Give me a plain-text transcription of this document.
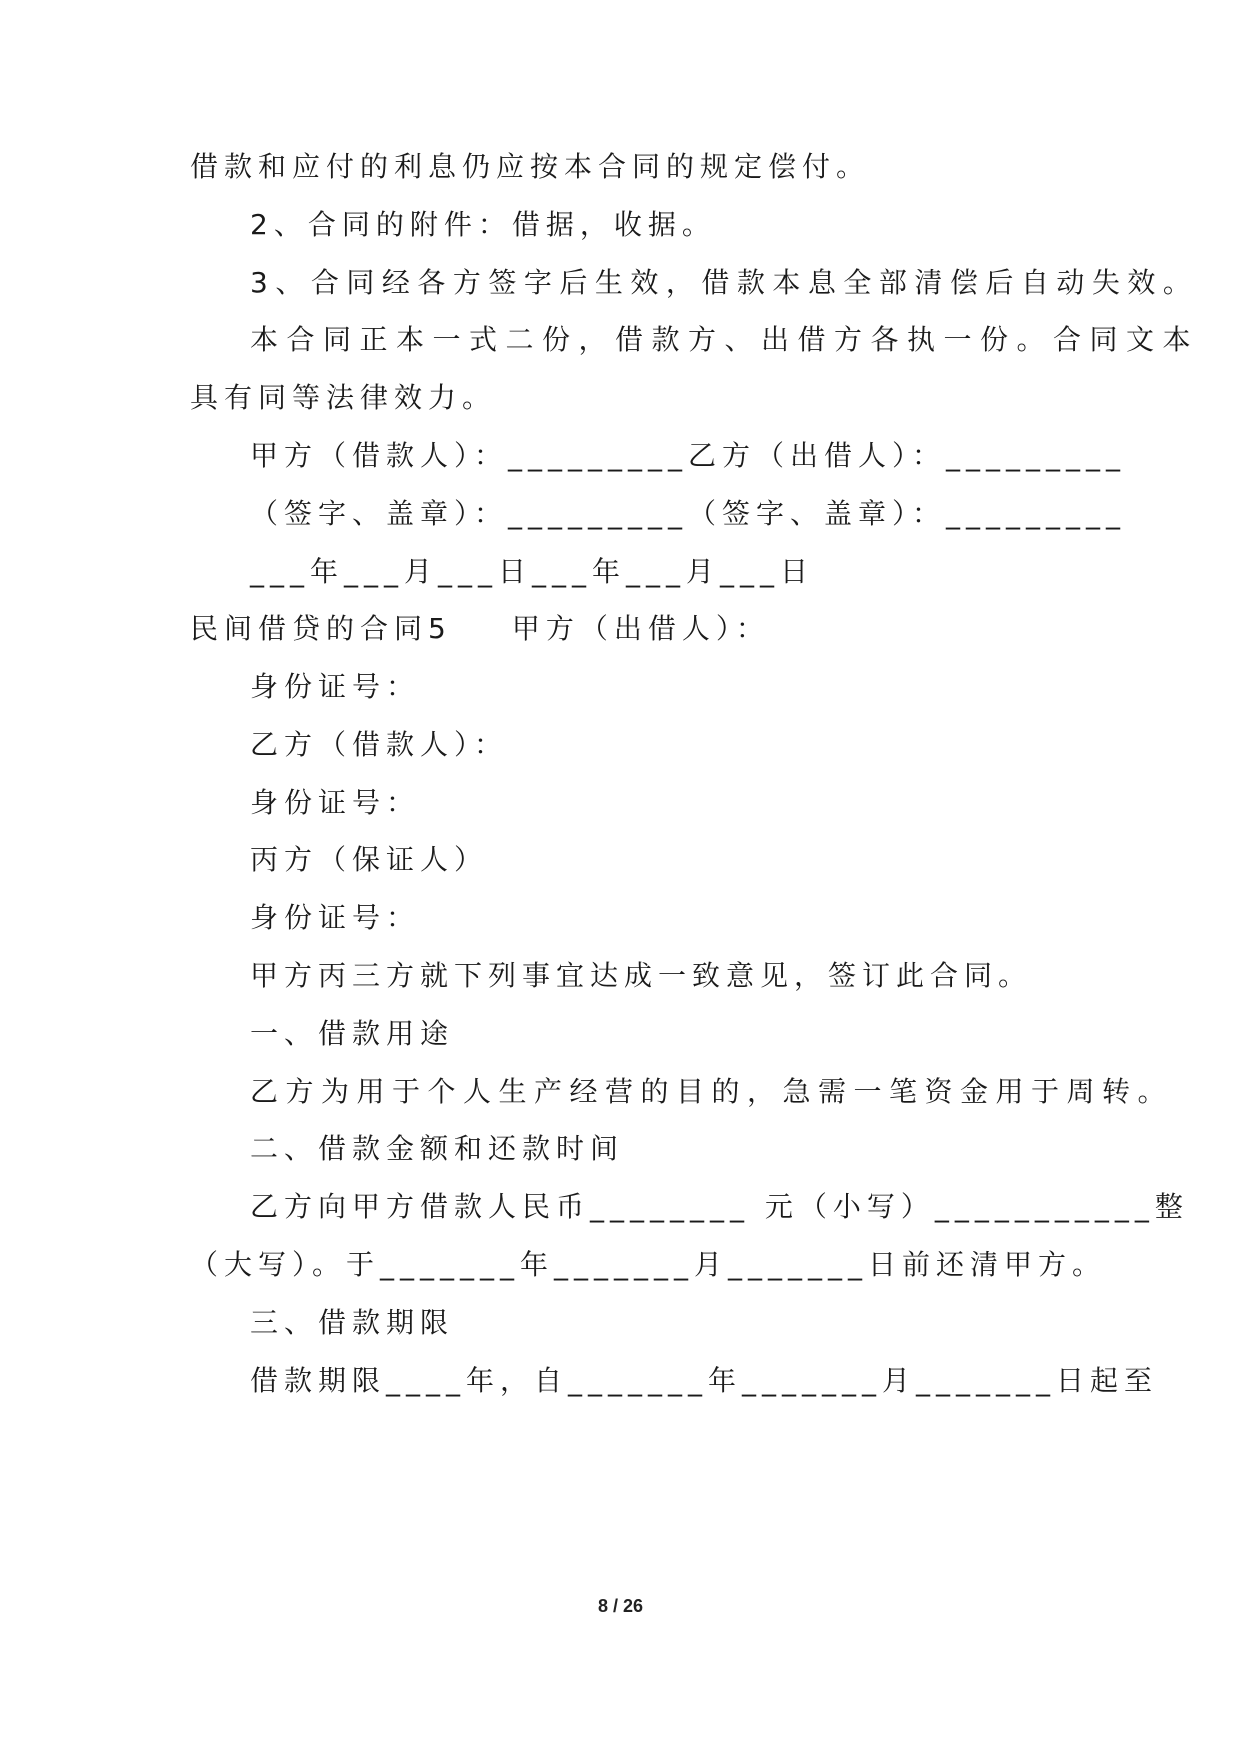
借款和应付的利息仍应按本合同的规定偿付。
2、合同的附件：借据，收据。
3、合同经各方签字后生效，借款本息全部清偿后自动失效。
本合同正本一式二份，借款方、出借方各执一份。合同文本
具有同等法律效力。
甲方（借款人）：_________乙方（出借人）：_________
（签字、盖章）：_________（签字、盖章）：_________
___年___月___日___年___月___日
民间借贷的合同5 甲方（出借人）：
身份证号：
乙方（借款人）：
身份证号：
丙方（保证人）
身份证号：
甲方丙三方就下列事宜达成一致意见，签订此合同。
一、借款用途
乙方为用于个人生产经营的目的，急需一笔资金用于周转。
二、借款金额和还款时间
乙方向甲方借款人民币________ 元（小写）___________整
（大写）。于_______年_______月_______日前还清甲方。
三、借款期限
借款期限____年，自_______年_______月_______日起至
8 / 26
